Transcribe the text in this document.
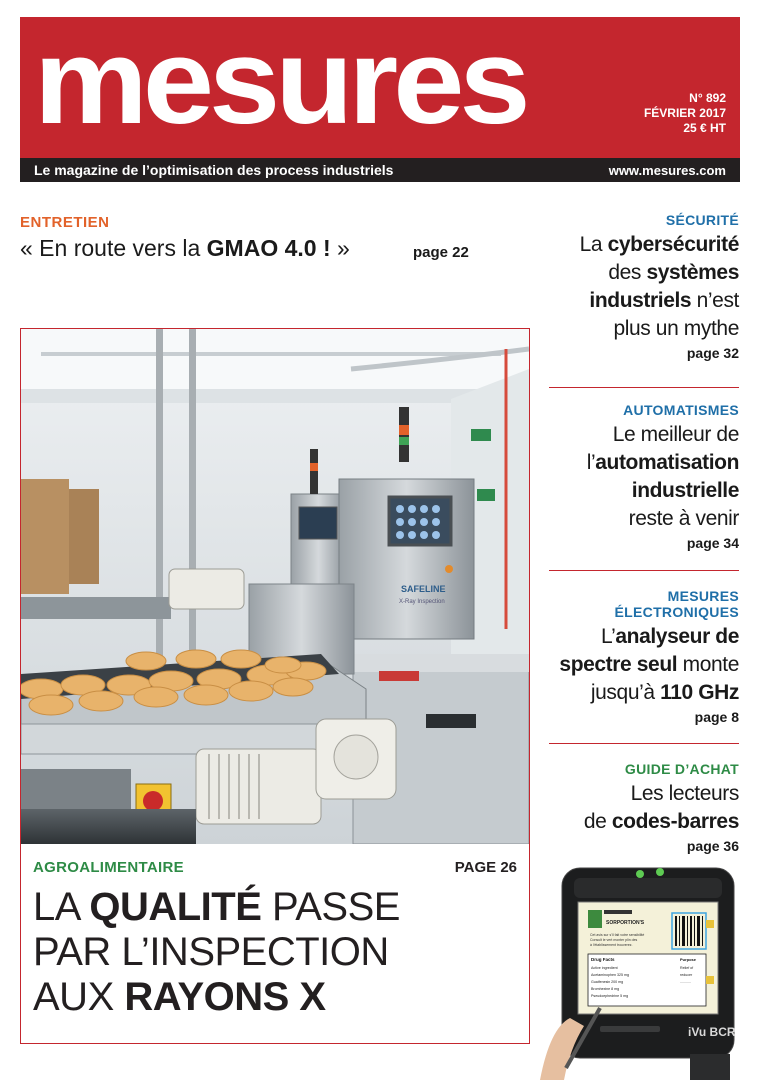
mesures	N° 892
FÉVRIER 2017
25 € HT
Le magazine de l’optimisation des process industriels	www.mesures.com
ENTRETIEN
« En route vers la GMAO 4.0 ! »	page 22
SÉCURITÉ
La cybersécurité
des systèmes
industriels n’est
plus un mythe
page 32
AUTOMATISMES
Le meilleur de
l’automatisation
industrielle
reste à venir
page 34
MESURES
ÉLECTRONIQUES
L’analyseur de
spectre seul monte
jusqu’à 110 GHz
page 8
GUIDE D’ACHAT
Les lecteurs
de codes-barres
page 36
SAFELINE
X-Ray Inspection
AGROALIMENTAIRE	PAGE 26
LA QUALITÉ PASSE
PAR L’INSPECTION
AUX RAYONS X
SORPORTION'S
Cet avis sur s'Il fait votre sensibilité
Consult le vert monter plin des
à l'établissement trouverez.
Drug Facts	Purpose
Active ingredient	Relief of
Acetaminophen 325 mg	reducer
Guaifenesin 200 mg	...........
Bromhexine 8 mg
Pseudoephedrine 5 mg
iVu BCR
